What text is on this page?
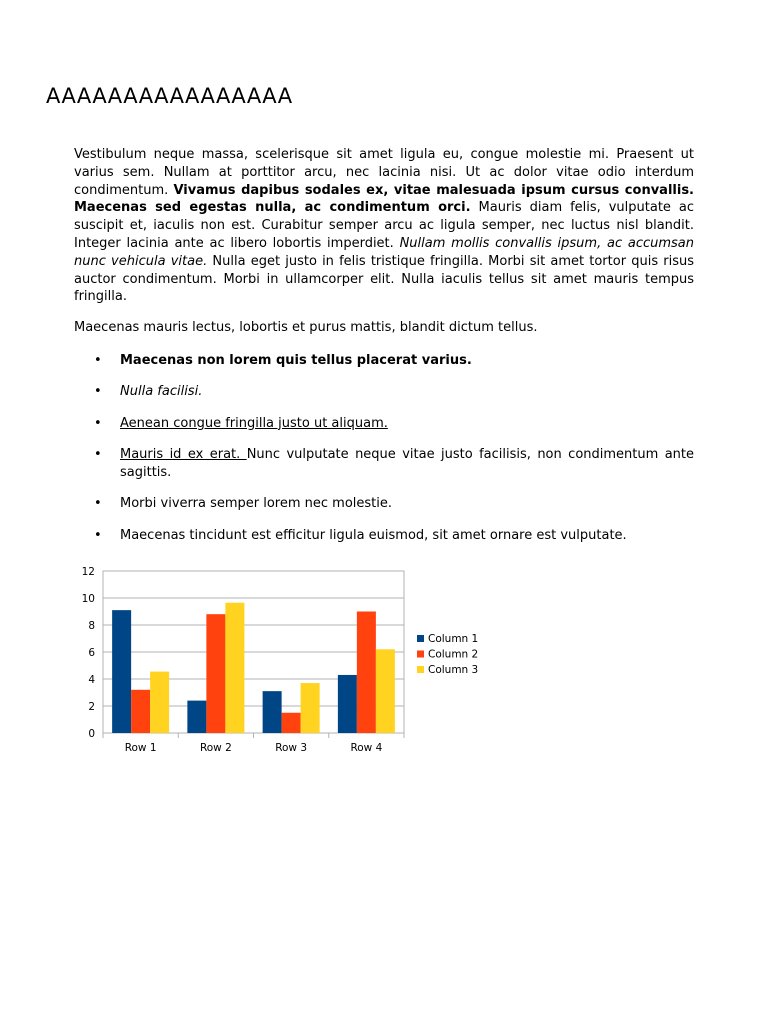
AAAAAAAAAAAAAAAA

Vestibulum neque massa, scelerisque sit amet ligula eu, congue molestie mi. Praesent ut varius sem. Nullam at porttitor arcu, nec lacinia nisi. Ut ac dolor vitae odio interdum condimentum. Vivamus dapibus sodales ex, vitae malesuada ipsum cursus convallis. Maecenas sed egestas nulla, ac condimentum orci. Mauris diam felis, vulputate ac suscipit et, iaculis non est. Curabitur semper arcu ac ligula semper, nec luctus nisl blandit. Integer lacinia ante ac libero lobortis imperdiet. Nullam mollis convallis ipsum, ac accumsan nunc vehicula vitae. Nulla eget justo in felis tristique fringilla. Morbi sit amet tortor quis risus auctor condimentum. Morbi in ullamcorper elit. Nulla iaculis tellus sit amet mauris tempus fringilla.

Maecenas mauris lectus, lobortis et purus mattis, blandit dictum tellus.

• Maecenas non lorem quis tellus placerat varius.
• Nulla facilisi.
• Aenean congue fringilla justo ut aliquam.
• Mauris id ex erat. Nunc vulputate neque vitae justo facilisis, non condimentum ante sagittis.
• Morbi viverra semper lorem nec molestie.
• Maecenas tincidunt est efficitur ligula euismod, sit amet ornare est vulputate.
0
2
4
6
8
10
12
Row 1	Row 2	Row 3	Row 4
Column 1
Column 2
Column 3
